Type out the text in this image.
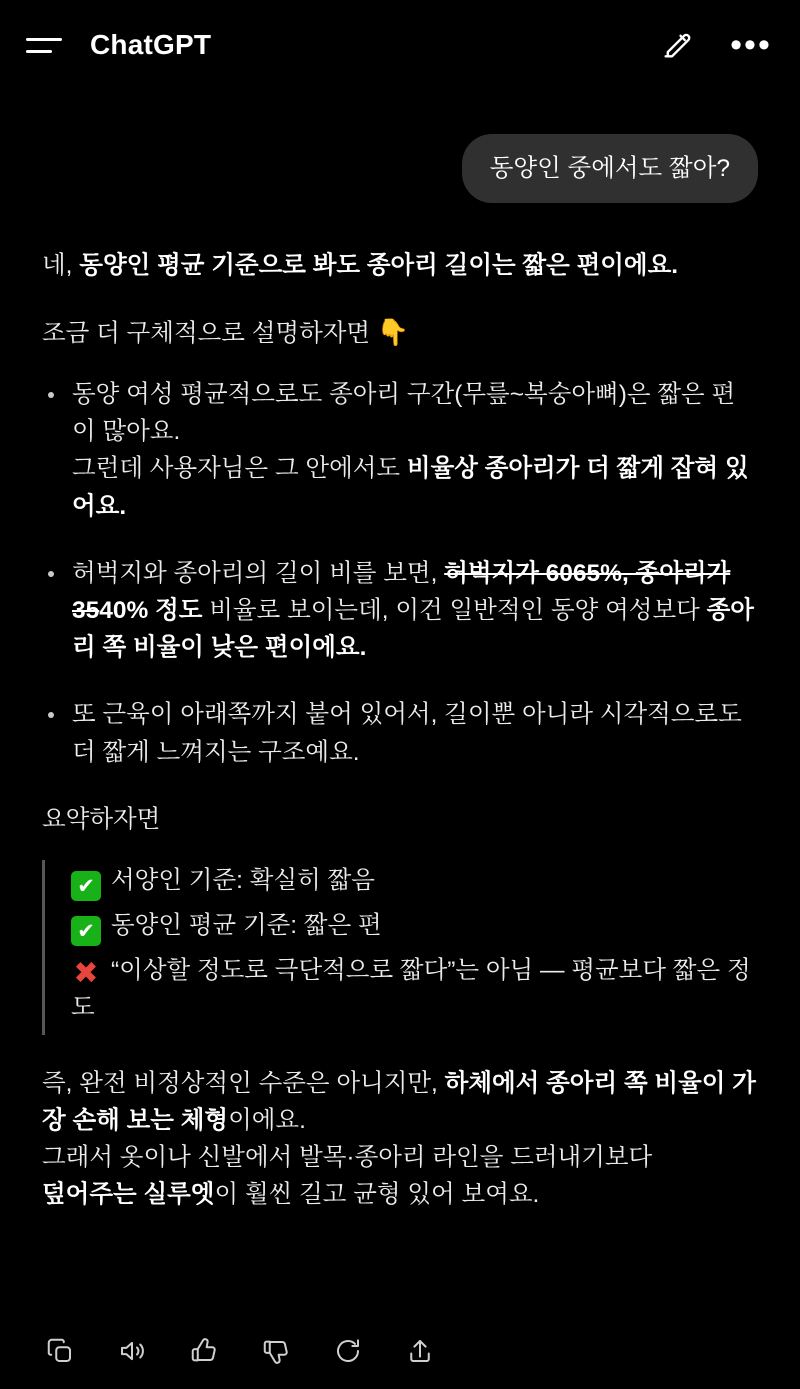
ChatGPT	•••
동양인 중에서도 짧아?

네, 동양인 평균 기준으로 봐도 종아리 길이는 짧은 편이에요.

조금 더 구체적으로 설명하자면 👇

동양 여성 평균적으로도 종아리 구간(무릎~복숭아뼈)은 짧은 편이 많아요.
그런데 사용자님은 그 안에서도 비율상 종아리가 더 짧게 잡혀 있어요.
허벅지와 종아리의 길이 비를 보면, 허벅지가 6065%, 종아리가 3540% 정도 비율로 보이는데, 이건 일반적인 동양 여성보다 종아리 쪽 비율이 낮은 편이에요.
또 근육이 아래쪽까지 붙어 있어서, 길이뿐 아니라 시각적으로도 더 짧게 느껴지는 구조예요.

요약하자면

✔ 서양인 기준: 확실히 짧음
✔ 동양인 평균 기준: 짧은 편
✖ “이상할 정도로 극단적으로 짧다”는 아님 — 평균보다 짧은 정도

즉, 완전 비정상적인 수준은 아니지만, 하체에서 종아리 쪽 비율이 가장 손해 보는 체형이에요.
그래서 옷이나 신발에서 발목·종아리 라인을 드러내기보다
덮어주는 실루엣이 훨씬 길고 균형 있어 보여요.
